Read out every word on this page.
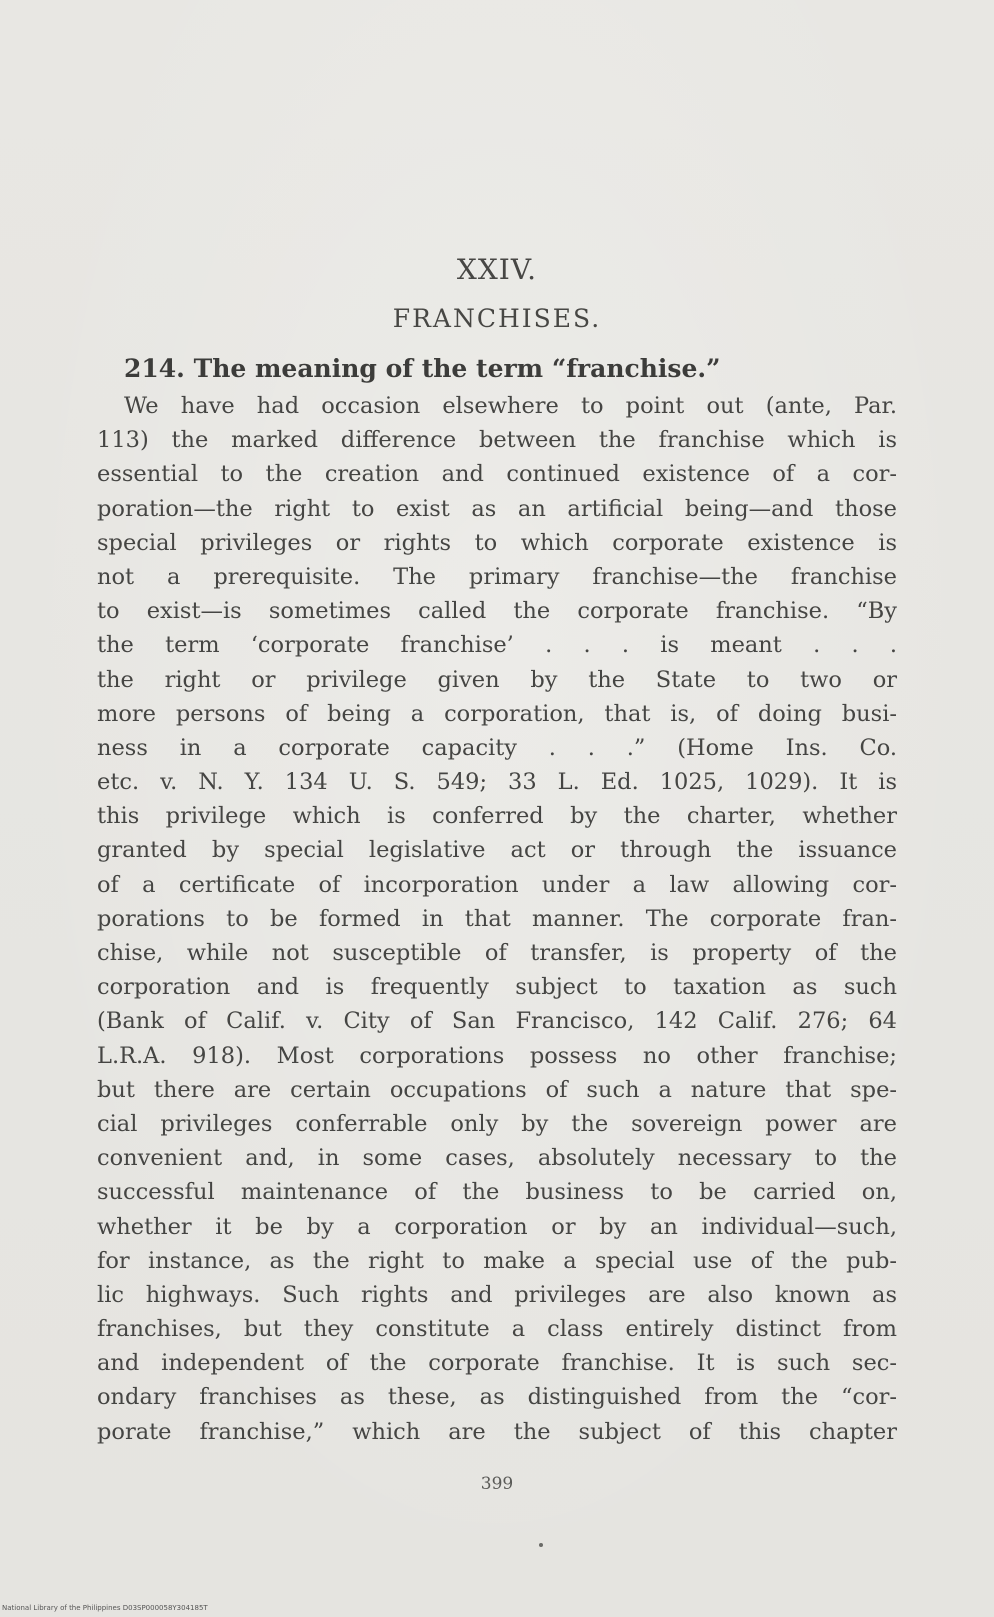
XXIV.
FRANCHISES.
214. The meaning of the term “franchise.”
We have had occasion elsewhere to point out (ante, Par.
113) the marked difference between the franchise which is
essential to the creation and continued existence of a cor-
poration—the right to exist as an artificial being—and those
special privileges or rights to which corporate existence is
not a prerequisite. The primary franchise—the franchise
to exist—is sometimes called the corporate franchise. “By
the term ‘corporate franchise’ . . . is meant . . .
the right or privilege given by the State to two or
more persons of being a corporation, that is, of doing busi-
ness in a corporate capacity . . .” (Home Ins. Co.
etc. v. N. Y. 134 U. S. 549; 33 L. Ed. 1025, 1029). It is
this privilege which is conferred by the charter, whether
granted by special legislative act or through the issuance
of a certificate of incorporation under a law allowing cor-
porations to be formed in that manner. The corporate fran-
chise, while not susceptible of transfer, is property of the
corporation and is frequently subject to taxation as such
(Bank of Calif. v. City of San Francisco, 142 Calif. 276; 64
L.R.A. 918). Most corporations possess no other franchise;
but there are certain occupations of such a nature that spe-
cial privileges conferrable only by the sovereign power are
convenient and, in some cases, absolutely necessary to the
successful maintenance of the business to be carried on,
whether it be by a corporation or by an individual—such,
for instance, as the right to make a special use of the pub-
lic highways. Such rights and privileges are also known as
franchises, but they constitute a class entirely distinct from
and independent of the corporate franchise. It is such sec-
ondary franchises as these, as distinguished from the “cor-
porate franchise,” which are the subject of this chapter
399
National Library of the Philippines D03SP000058Y304185T
